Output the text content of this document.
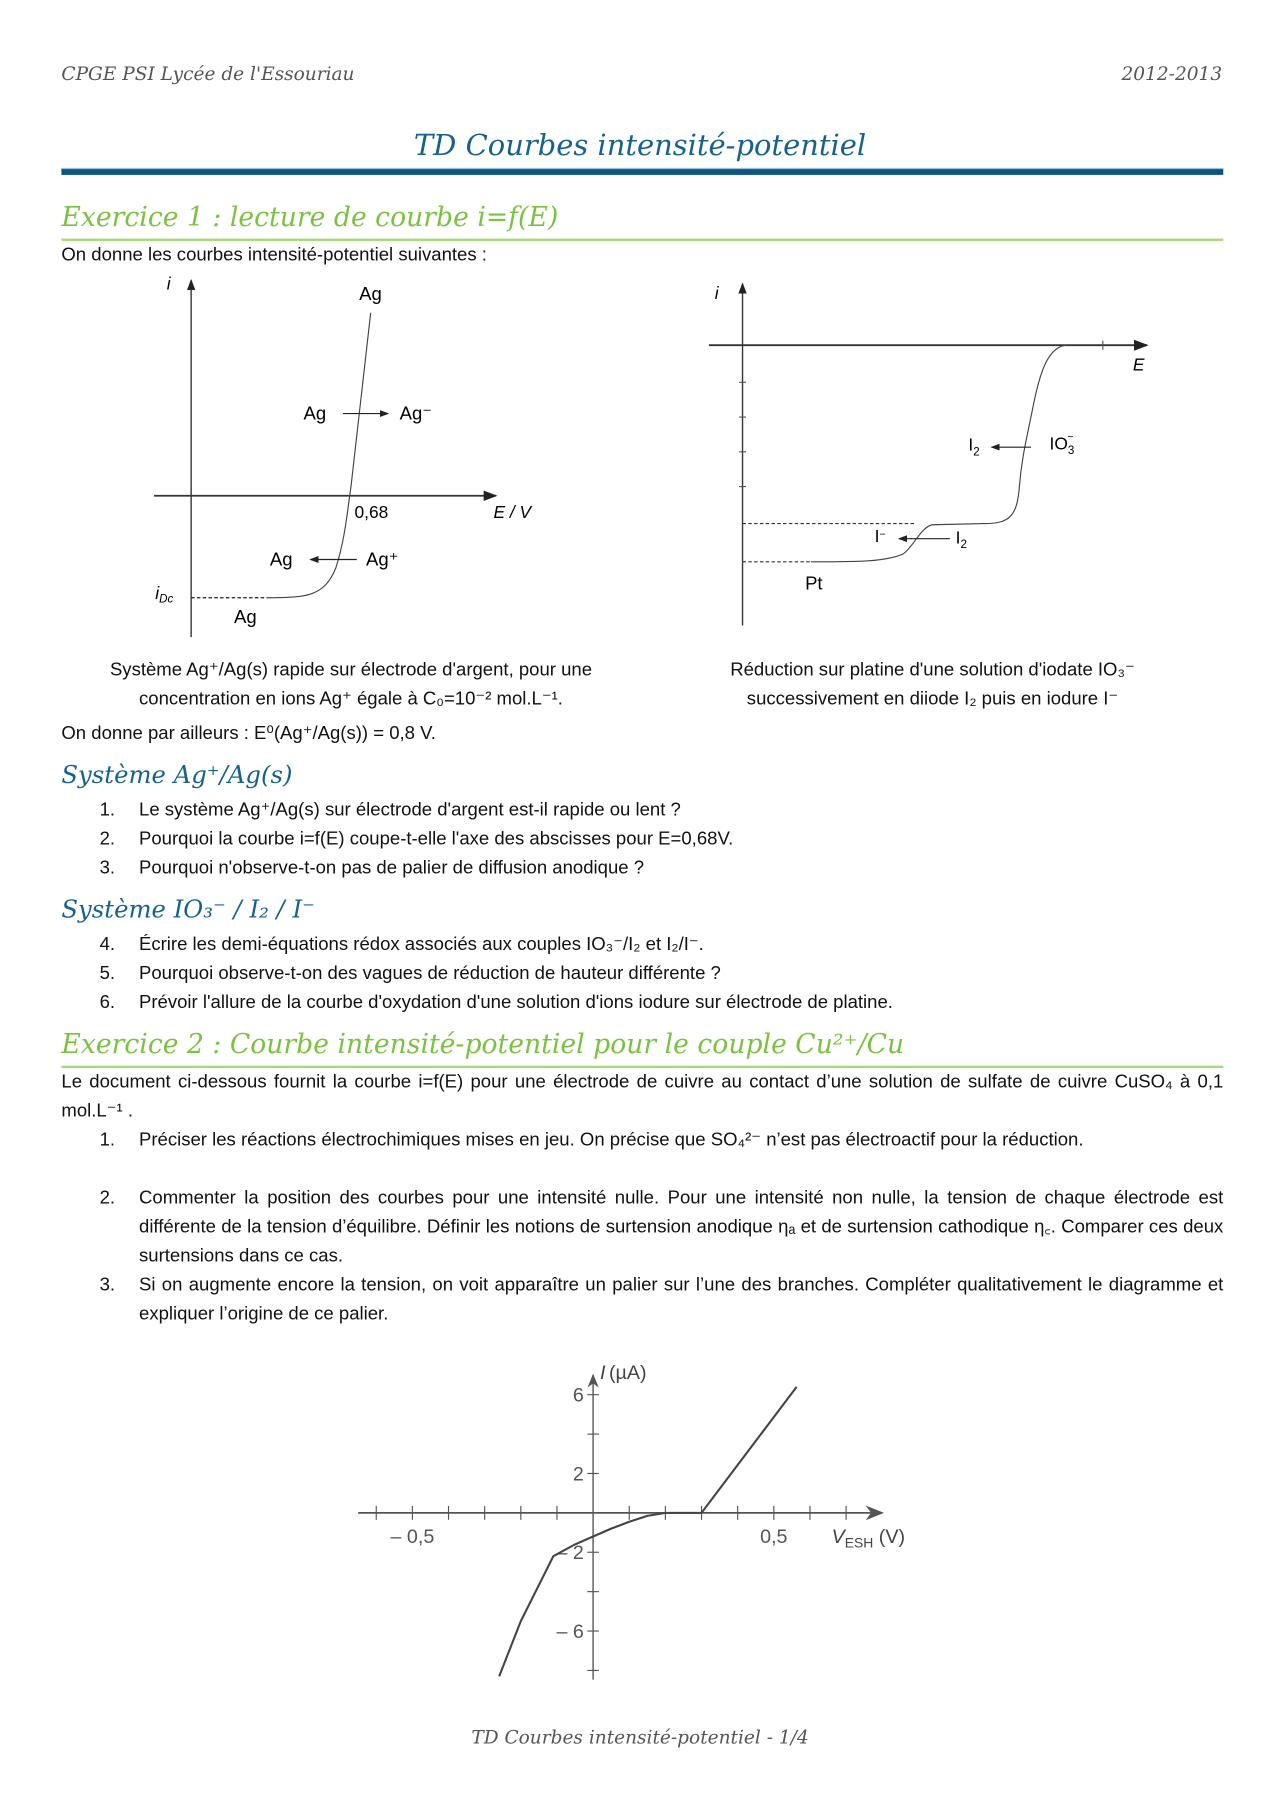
CPGE PSI Lycée de l'Essouriau	2012-2013
TD Courbes intensité-potentiel
Exercice 1 : lecture de courbe i=f(E)
On donne les courbes intensité-potentiel suivantes :
i	Ag
Ag	Ag⁻
0,68	E / V
Ag	Ag⁺
$i_{Dc}$
Ag
i
E
$I_2$	$IO_3-$
I−	$I_2$
Pt
Système Ag⁺/Ag(s) rapide sur électrode d'argent, pour une
concentration en ions Ag⁺ égale à C₀=10⁻² mol.L⁻¹.
Réduction sur platine d'une solution d'iodate IO₃⁻
successivement en diiode I₂ puis en iodure I⁻
On donne par ailleurs : E⁰(Ag⁺/Ag(s)) = 0,8 V.
Système Ag⁺/Ag(s)
1. Le système Ag⁺/Ag(s) sur électrode d'argent est-il rapide ou lent ?
2. Pourquoi la courbe i=f(E) coupe-t-elle l'axe des abscisses pour E=0,68V.
3. Pourquoi n'observe-t-on pas de palier de diffusion anodique ?
Système IO₃⁻ / I₂ / I⁻
4. Écrire les demi-équations rédox associés aux couples IO₃⁻/I₂ et I₂/I⁻.
5. Pourquoi observe-t-on des vagues de réduction de hauteur différente ?
6. Prévoir l'allure de la courbe d'oxydation d'une solution d'ions iodure sur électrode de platine.
Exercice 2 : Courbe intensité-potentiel pour le couple Cu²⁺/Cu
Le document ci-dessous fournit la courbe i=f(E) pour une électrode de cuivre au contact d’une solution de sulfate de cuivre CuSO₄ à 0,1 mol.L⁻¹ .
1. Préciser les réactions électrochimiques mises en jeu. On précise que SO₄²⁻ n’est pas électroactif pour la réduction.
2. Commenter la position des courbes pour une intensité nulle. Pour une intensité non nulle, la tension de chaque électrode est différente de la tension d’équilibre. Définir les notions de surtension anodique ηₐ et de surtension cathodique η꜀. Comparer ces deux surtensions dans ce cas.
3. Si on augmente encore la tension, on voit apparaître un palier sur l’une des branches. Compléter qualitativement le diagramme et expliquer l’origine de ce palier.
– 0,5	0,5
6
2
– 2
– 6
I (µA)
$V_{ESH}$ (V)
TD Courbes intensité-potentiel - 1/4
